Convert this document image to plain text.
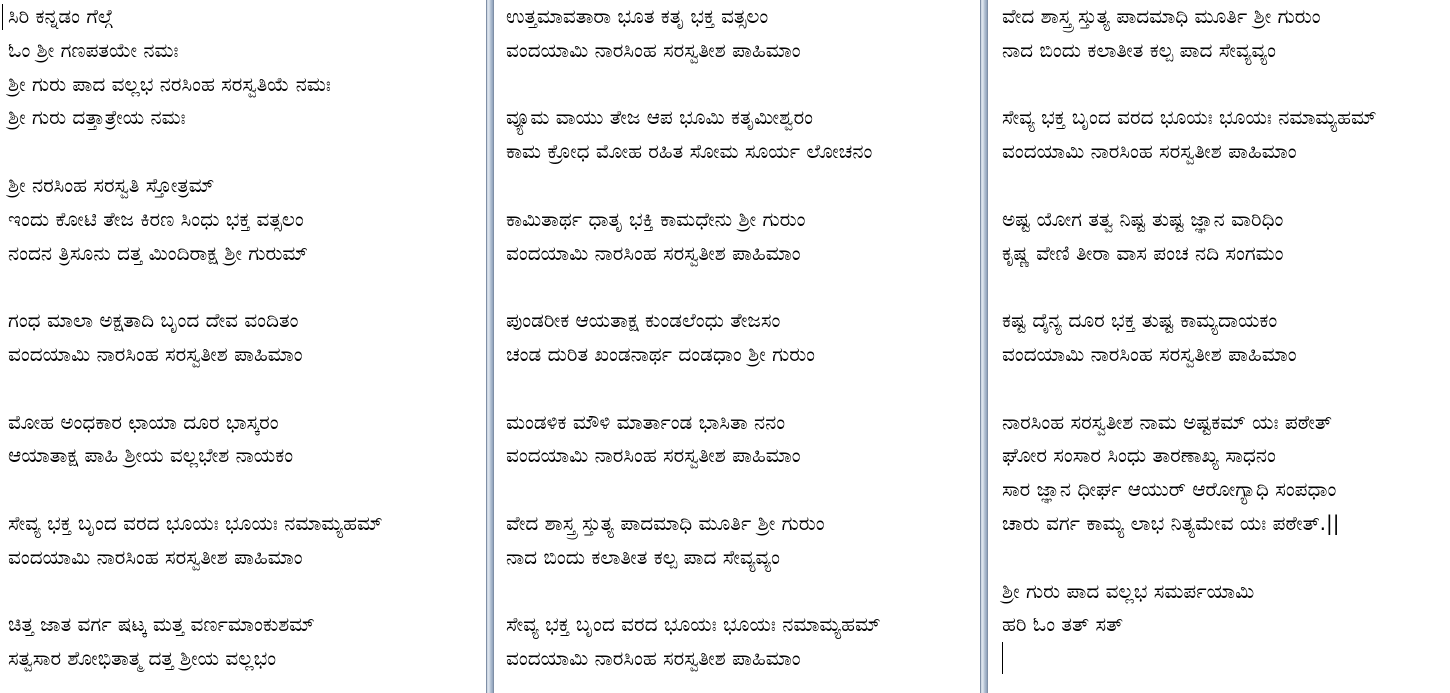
ಸಿರಿ ಕನ್ನಡಂ ಗೆಲ್ಗೆ
ಓಂ ಶ್ರೀ ಗಣಪತಯೇ ನಮಃ
ಶ್ರೀ ಗುರು ಪಾದ ವಲ್ಲಭ ನರಸಿಂಹ ಸರಸ್ವತಿಯೆ ನಮಃ
ಶ್ರೀ ಗುರು ದತ್ತಾತ್ರೇಯ ನಮಃ
ಶ್ರೀ ನರಸಿಂಹ ಸರಸ್ವತಿ ಸ್ತೋತ್ರಮ್
ಇಂದು ಕೋಟಿ ತೇಜ ಕಿರಣ ಸಿಂಧು ಭಕ್ತ ವತ್ಸಲಂ
ನಂದನ ತ್ರಿಸೂನು ದತ್ತ ಮಿಂದಿರಾಕ್ಷ ಶ್ರೀ ಗುರುಮ್
ಗಂಧ ಮಾಲಾ ಅಕ್ಷತಾದಿ ಬೃಂದ ದೇವ ವಂದಿತಂ
ವಂದಯಾಮಿ ನಾರಸಿಂಹ ಸರಸ್ವತೀಶ ಪಾಹಿಮಾಂ
ಮೋಹ ಅಂಧಕಾರ ಛಾಯಾ ದೂರ ಭಾಸ್ಕರಂ
ಆಯಾತಾಕ್ಷ ಪಾಹಿ ಶ್ರೀಯ ವಲ್ಲಭೇಶ ನಾಯಕಂ
ಸೇವ್ಯ ಭಕ್ತ ಬೃಂದ ವರದ ಭೂಯಃ ಭೂಯಃ ನಮಾಮ್ಯಹಮ್
ವಂದಯಾಮಿ ನಾರಸಿಂಹ ಸರಸ್ವತೀಶ ಪಾಹಿಮಾಂ
ಚಿತ್ತ ಜಾತ ವರ್ಗ ಷಟ್ಕ ಮತ್ತ ವರ್ಣಮಾಂಕುಶಮ್
ಸತ್ವಸಾರ ಶೋಭಿತಾತ್ಮ ದತ್ತ ಶ್ರೀಯ ವಲ್ಲಭಂ
ಉತ್ತಮಾವತಾರಾ ಭೂತ ಕತೃ ಭಕ್ತ ವತ್ಸಲಂ
ವಂದಯಾಮಿ ನಾರಸಿಂಹ ಸರಸ್ವತೀಶ ಪಾಹಿಮಾಂ
ವ್ಯೂಮ ವಾಯು ತೇಜ ಆಪ ಭೂಮಿ ಕತೃಮೀಶ್ವರಂ
ಕಾಮ ಕ್ರೋಧ ಮೋಹ ರಹಿತ ಸೋಮ ಸೂರ್ಯ ಲೋಚನಂ
ಕಾಮಿತಾರ್ಥ ಧಾತೃ ಭಕ್ತಿ ಕಾಮಧೇನು ಶ್ರೀ ಗುರುಂ
ವಂದಯಾಮಿ ನಾರಸಿಂಹ ಸರಸ್ವತೀಶ ಪಾಹಿಮಾಂ
ಪುಂಡರೀಕ ಆಯತಾಕ್ಷ ಕುಂಡಲೆಂಧು ತೇಜಸಂ
ಚಂಡ ದುರಿತ ಖಂಡನಾರ್ಥ ದಂಡಧಾಂ ಶ್ರೀ ಗುರುಂ
ಮಂಡಳಿಕ ಮೌಳಿ ಮಾರ್ತಾಂಡ ಭಾಸಿತಾ ನನಂ
ವಂದಯಾಮಿ ನಾರಸಿಂಹ ಸರಸ್ವತೀಶ ಪಾಹಿಮಾಂ
ವೇದ ಶಾಸ್ತ್ರ ಸ್ತುತ್ಯ ಪಾದಮಾಧಿ ಮೂರ್ತಿ ಶ್ರೀ ಗುರುಂ
ನಾದ ಬಿಂದು ಕಲಾತೀತ ಕಲ್ಪ ಪಾದ ಸೇವ್ಯವ್ಯಂ
ಸೇವ್ಯ ಭಕ್ತ ಬೃಂದ ವರದ ಭೂಯಃ ಭೂಯಃ ನಮಾಮ್ಯಹಮ್
ವಂದಯಾಮಿ ನಾರಸಿಂಹ ಸರಸ್ವತೀಶ ಪಾಹಿಮಾಂ
ವೇದ ಶಾಸ್ತ್ರ ಸ್ತುತ್ಯ ಪಾದಮಾಧಿ ಮೂರ್ತಿ ಶ್ರೀ ಗುರುಂ
ನಾದ ಬಿಂದು ಕಲಾತೀತ ಕಲ್ಪ ಪಾದ ಸೇವ್ಯವ್ಯಂ
ಸೇವ್ಯ ಭಕ್ತ ಬೃಂದ ವರದ ಭೂಯಃ ಭೂಯಃ ನಮಾಮ್ಯಹಮ್
ವಂದಯಾಮಿ ನಾರಸಿಂಹ ಸರಸ್ವತೀಶ ಪಾಹಿಮಾಂ
ಅಷ್ಟ ಯೋಗ ತತ್ವ ನಿಷ್ಟ ತುಷ್ಟ ಜ್ಞಾನ ವಾರಿಧಿಂ
ಕೃಷ್ಣ ವೇಣಿ ತೀರಾ ವಾಸ ಪಂಚ ನದಿ ಸಂಗಮಂ
ಕಷ್ಟ ದೈನ್ಯ ದೂರ ಭಕ್ತ ತುಷ್ಟ ಕಾಮ್ಯದಾಯಕಂ
ವಂದಯಾಮಿ ನಾರಸಿಂಹ ಸರಸ್ವತೀಶ ಪಾಹಿಮಾಂ
ನಾರಸಿಂಹ ಸರಸ್ವತೀಶ ನಾಮ ಅಷ್ಟಕಮ್ ಯಃ ಪಠೇತ್
ಘೋರ ಸಂಸಾರ ಸಿಂಧು ತಾರಣಾಖ್ಯ ಸಾಧನಂ
ಸಾರ ಜ್ಞಾನ ಧೀರ್ಘ ಆಯುರ್ ಆರೋಗ್ಯಾಧಿ ಸಂಪಧಾಂ
ಚಾರು ವರ್ಗ ಕಾಮ್ಯ ಲಾಭ ನಿತ್ಯಮೇವ ಯಃ ಪಠೇತ್.||
ಶ್ರೀ ಗುರು ಪಾದ ವಲ್ಲಭ ಸಮರ್ಪಯಾಮಿ
ಹರಿ ಓಂ ತತ್ ಸತ್
